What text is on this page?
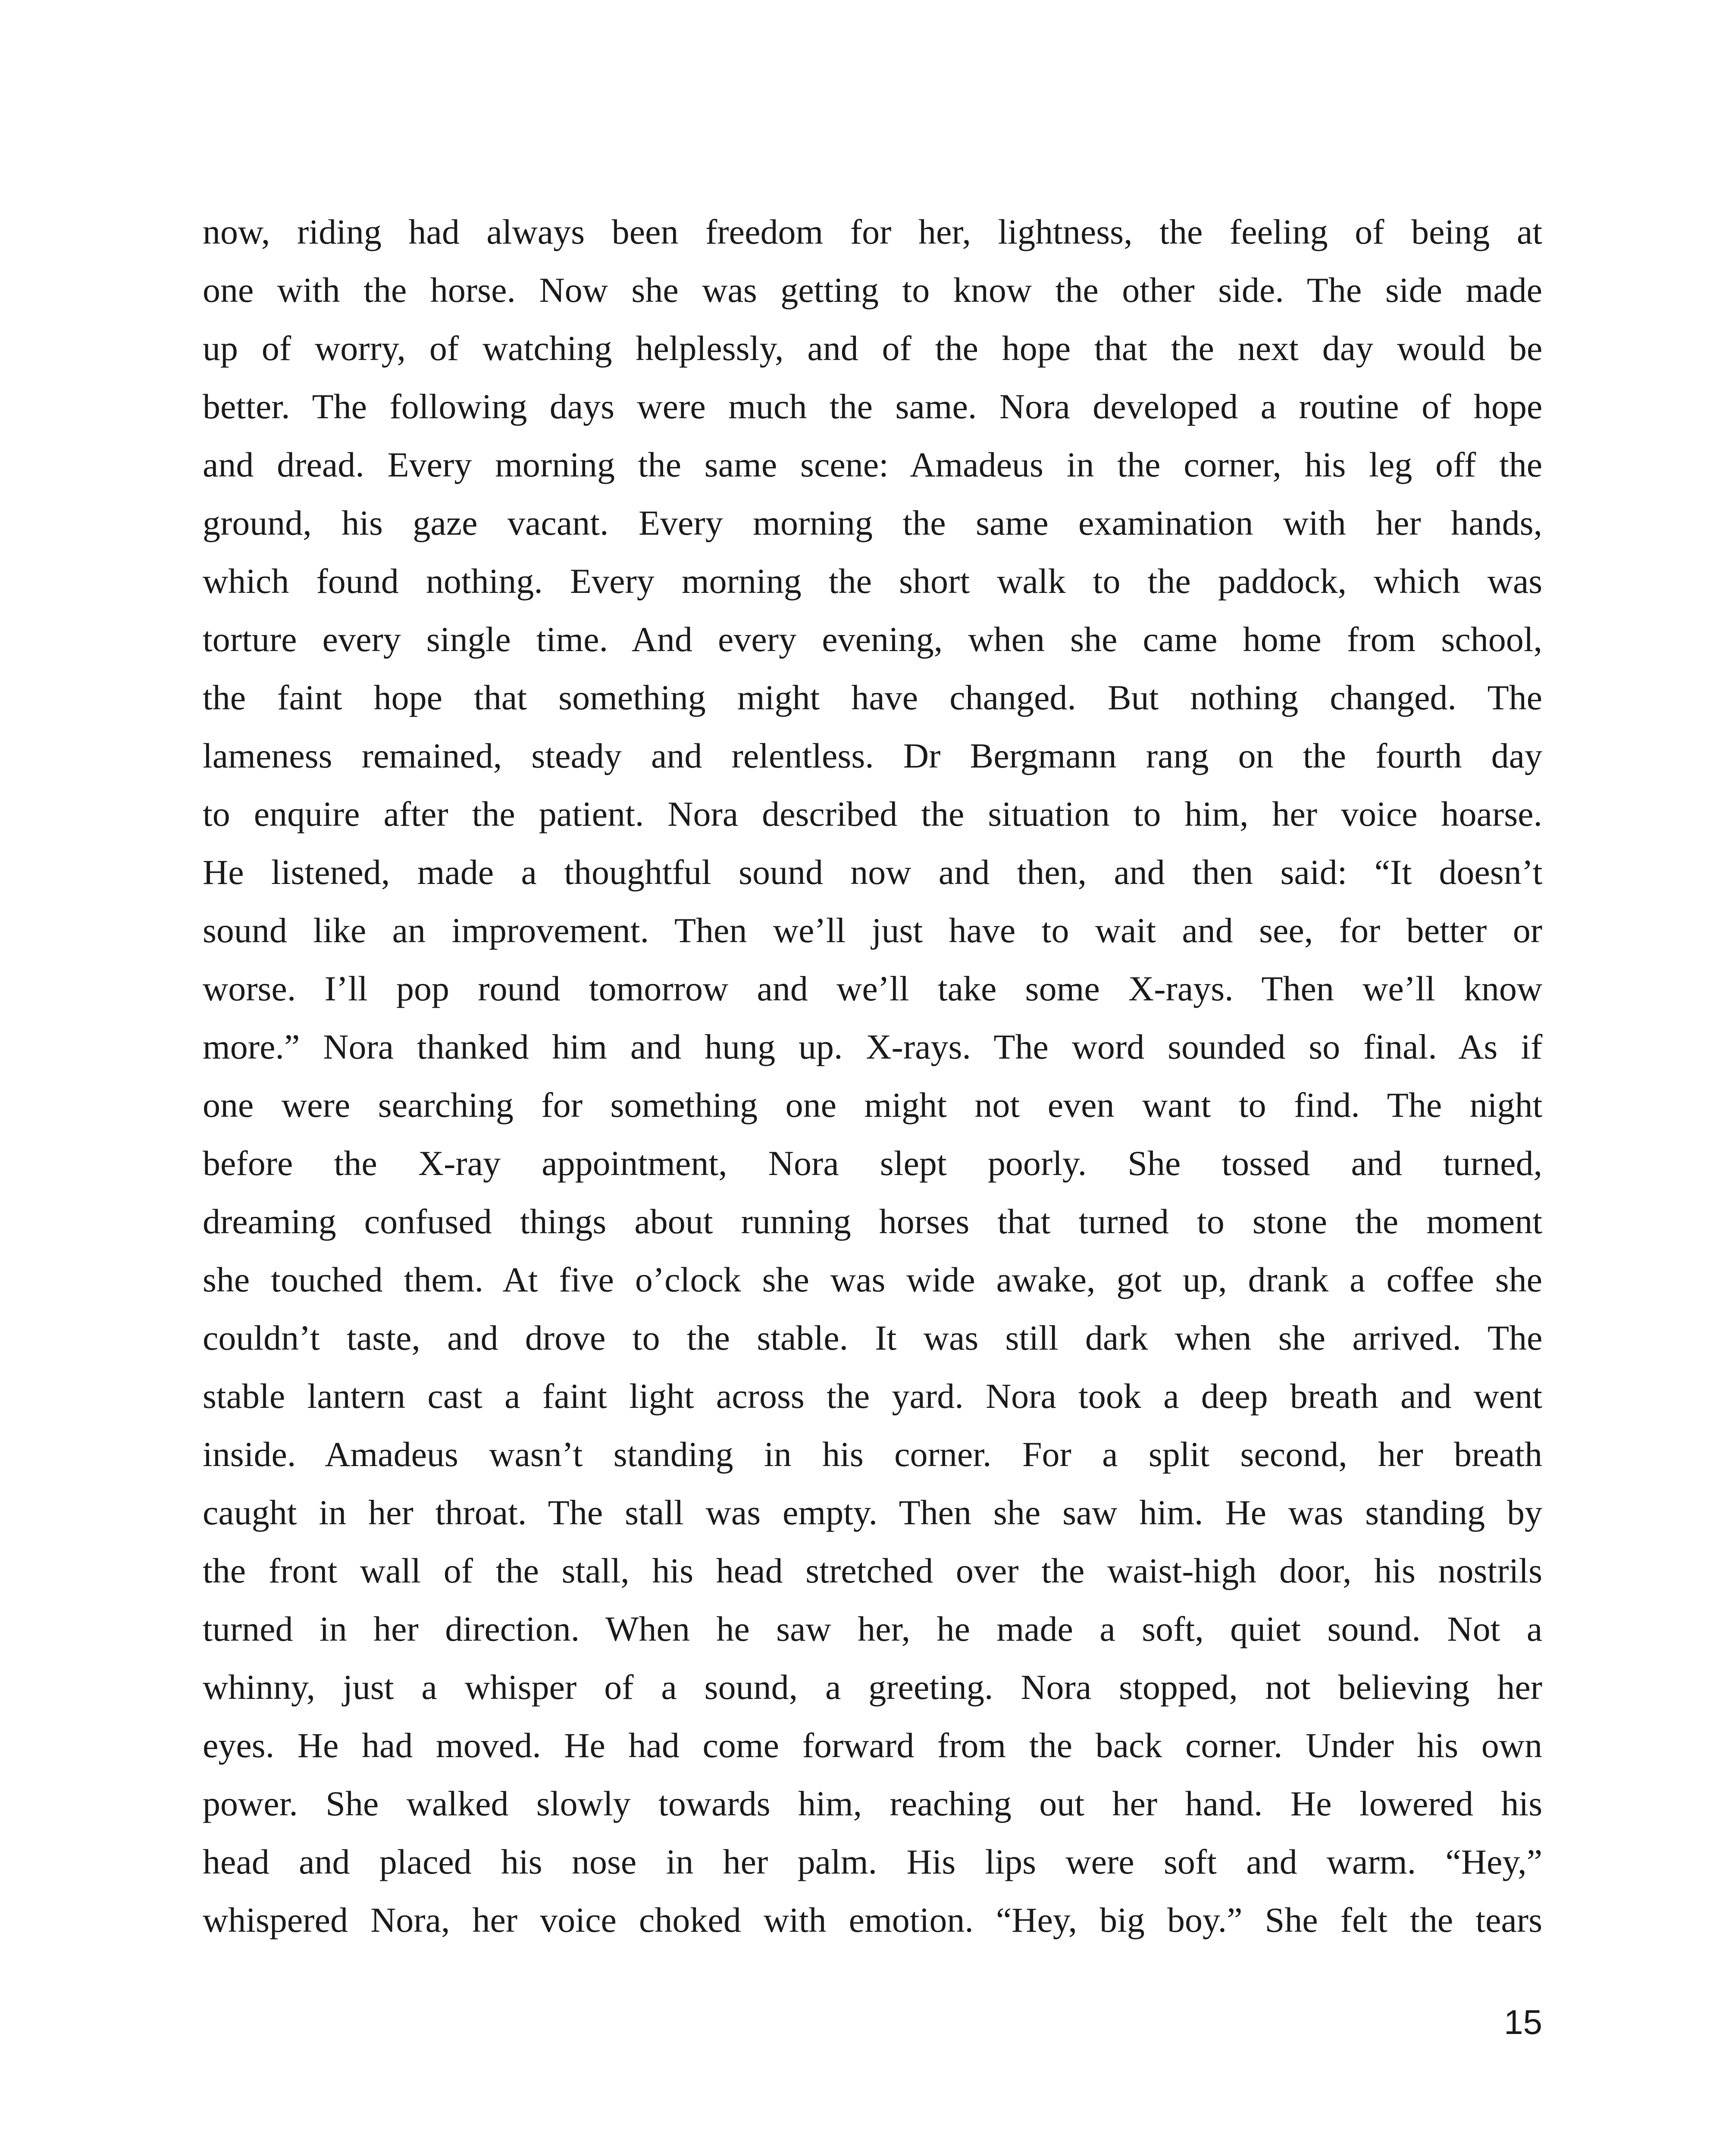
now, riding had always been freedom for her, lightness, the feeling of being at
one with the horse. Now she was getting to know the other side. The side made
up of worry, of watching helplessly, and of the hope that the next day would be
better. The following days were much the same. Nora developed a routine of hope
and dread. Every morning the same scene: Amadeus in the corner, his leg off the
ground, his gaze vacant. Every morning the same examination with her hands,
which found nothing. Every morning the short walk to the paddock, which was
torture every single time. And every evening, when she came home from school,
the faint hope that something might have changed. But nothing changed. The
lameness remained, steady and relentless. Dr Bergmann rang on the fourth day
to enquire after the patient. Nora described the situation to him, her voice hoarse.
He listened, made a thoughtful sound now and then, and then said: “It doesn’t
sound like an improvement. Then we’ll just have to wait and see, for better or
worse. I’ll pop round tomorrow and we’ll take some X-rays. Then we’ll know
more.” Nora thanked him and hung up. X-rays. The word sounded so final. As if
one were searching for something one might not even want to find. The night
before the X-ray appointment, Nora slept poorly. She tossed and turned,
dreaming confused things about running horses that turned to stone the moment
she touched them. At five o’clock she was wide awake, got up, drank a coffee she
couldn’t taste, and drove to the stable. It was still dark when she arrived. The
stable lantern cast a faint light across the yard. Nora took a deep breath and went
inside. Amadeus wasn’t standing in his corner. For a split second, her breath
caught in her throat. The stall was empty. Then she saw him. He was standing by
the front wall of the stall, his head stretched over the waist-high door, his nostrils
turned in her direction. When he saw her, he made a soft, quiet sound. Not a
whinny, just a whisper of a sound, a greeting. Nora stopped, not believing her
eyes. He had moved. He had come forward from the back corner. Under his own
power. She walked slowly towards him, reaching out her hand. He lowered his
head and placed his nose in her palm. His lips were soft and warm. “Hey,”
whispered Nora, her voice choked with emotion. “Hey, big boy.” She felt the tears
15
